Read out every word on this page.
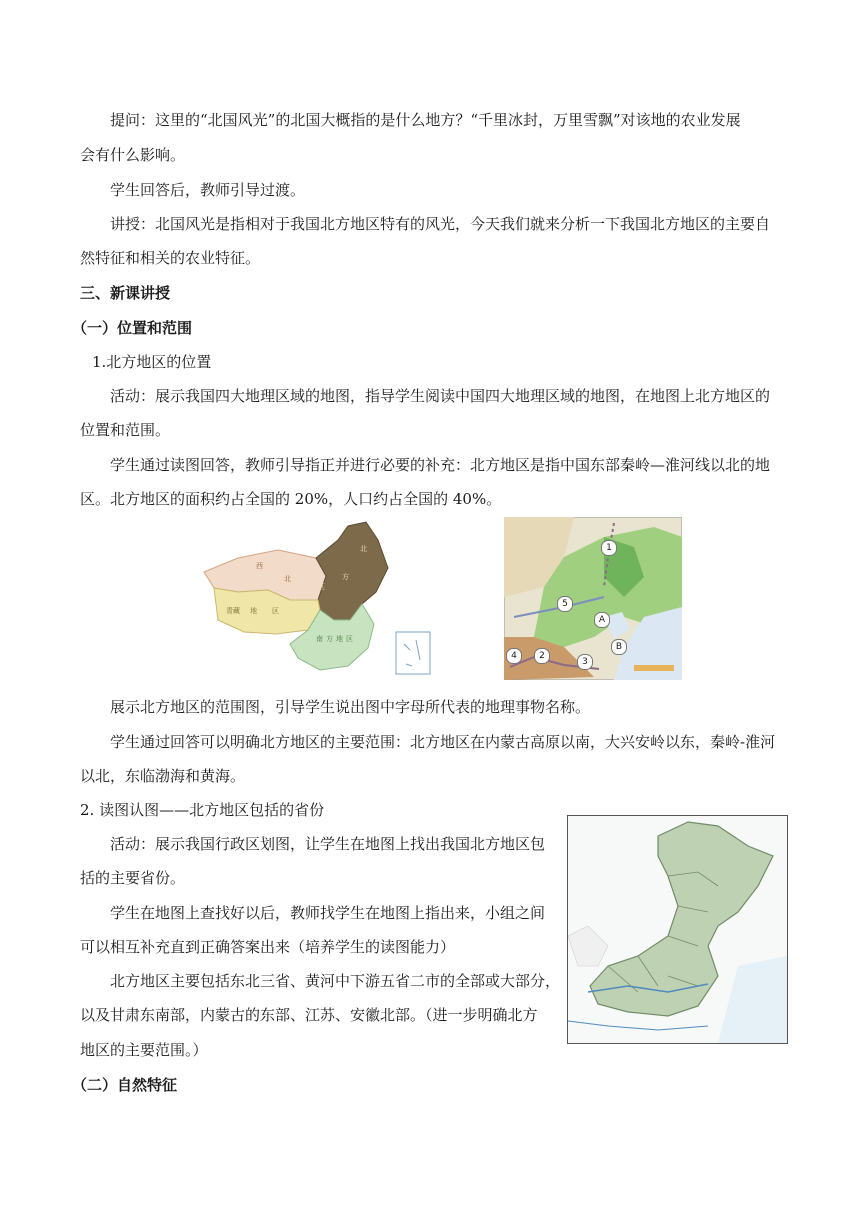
提问：这里的“北国风光”的北国大概指的是什么地方？“千里冰封，万里雪飘”对该地的农业发展
会有什么影响。
学生回答后，教师引导过渡。
讲授：北国风光是指相对于我国北方地区特有的风光，今天我们就来分析一下我国北方地区的主要自
然特征和相关的农业特征。
三、新课讲授
（一）位置和范围
1.北方地区的位置
活动：展示我国四大地理区域的地图，指导学生阅读中国四大地理区域的地图，在地图上北方地区的
位置和范围。
学生通过读图回答，教师引导指正并进行必要的补充：北方地区是指中国东部秦岭—淮河线以北的地
区。北方地区的面积约占全国的 20%，人口约占全国的 40%。
西
北	方
区
北
青藏 地 区
南 方 地 区
1
2
3
4
5
A
B
展示北方地区的范围图，引导学生说出图中字母所代表的地理事物名称。
学生通过回答可以明确北方地区的主要范围：北方地区在内蒙古高原以南，大兴安岭以东，秦岭-淮河
以北，东临渤海和黄海。
2. 读图认图——北方地区包括的省份
活动：展示我国行政区划图，让学生在地图上找出我国北方地区包
括的主要省份。
学生在地图上查找好以后，教师找学生在地图上指出来，小组之间
可以相互补充直到正确答案出来（培养学生的读图能力）
北方地区主要包括东北三省、黄河中下游五省二市的全部或大部分，
以及甘肃东南部，内蒙古的东部、江苏、安徽北部。（进一步明确北方
地区的主要范围。）
（二）自然特征
